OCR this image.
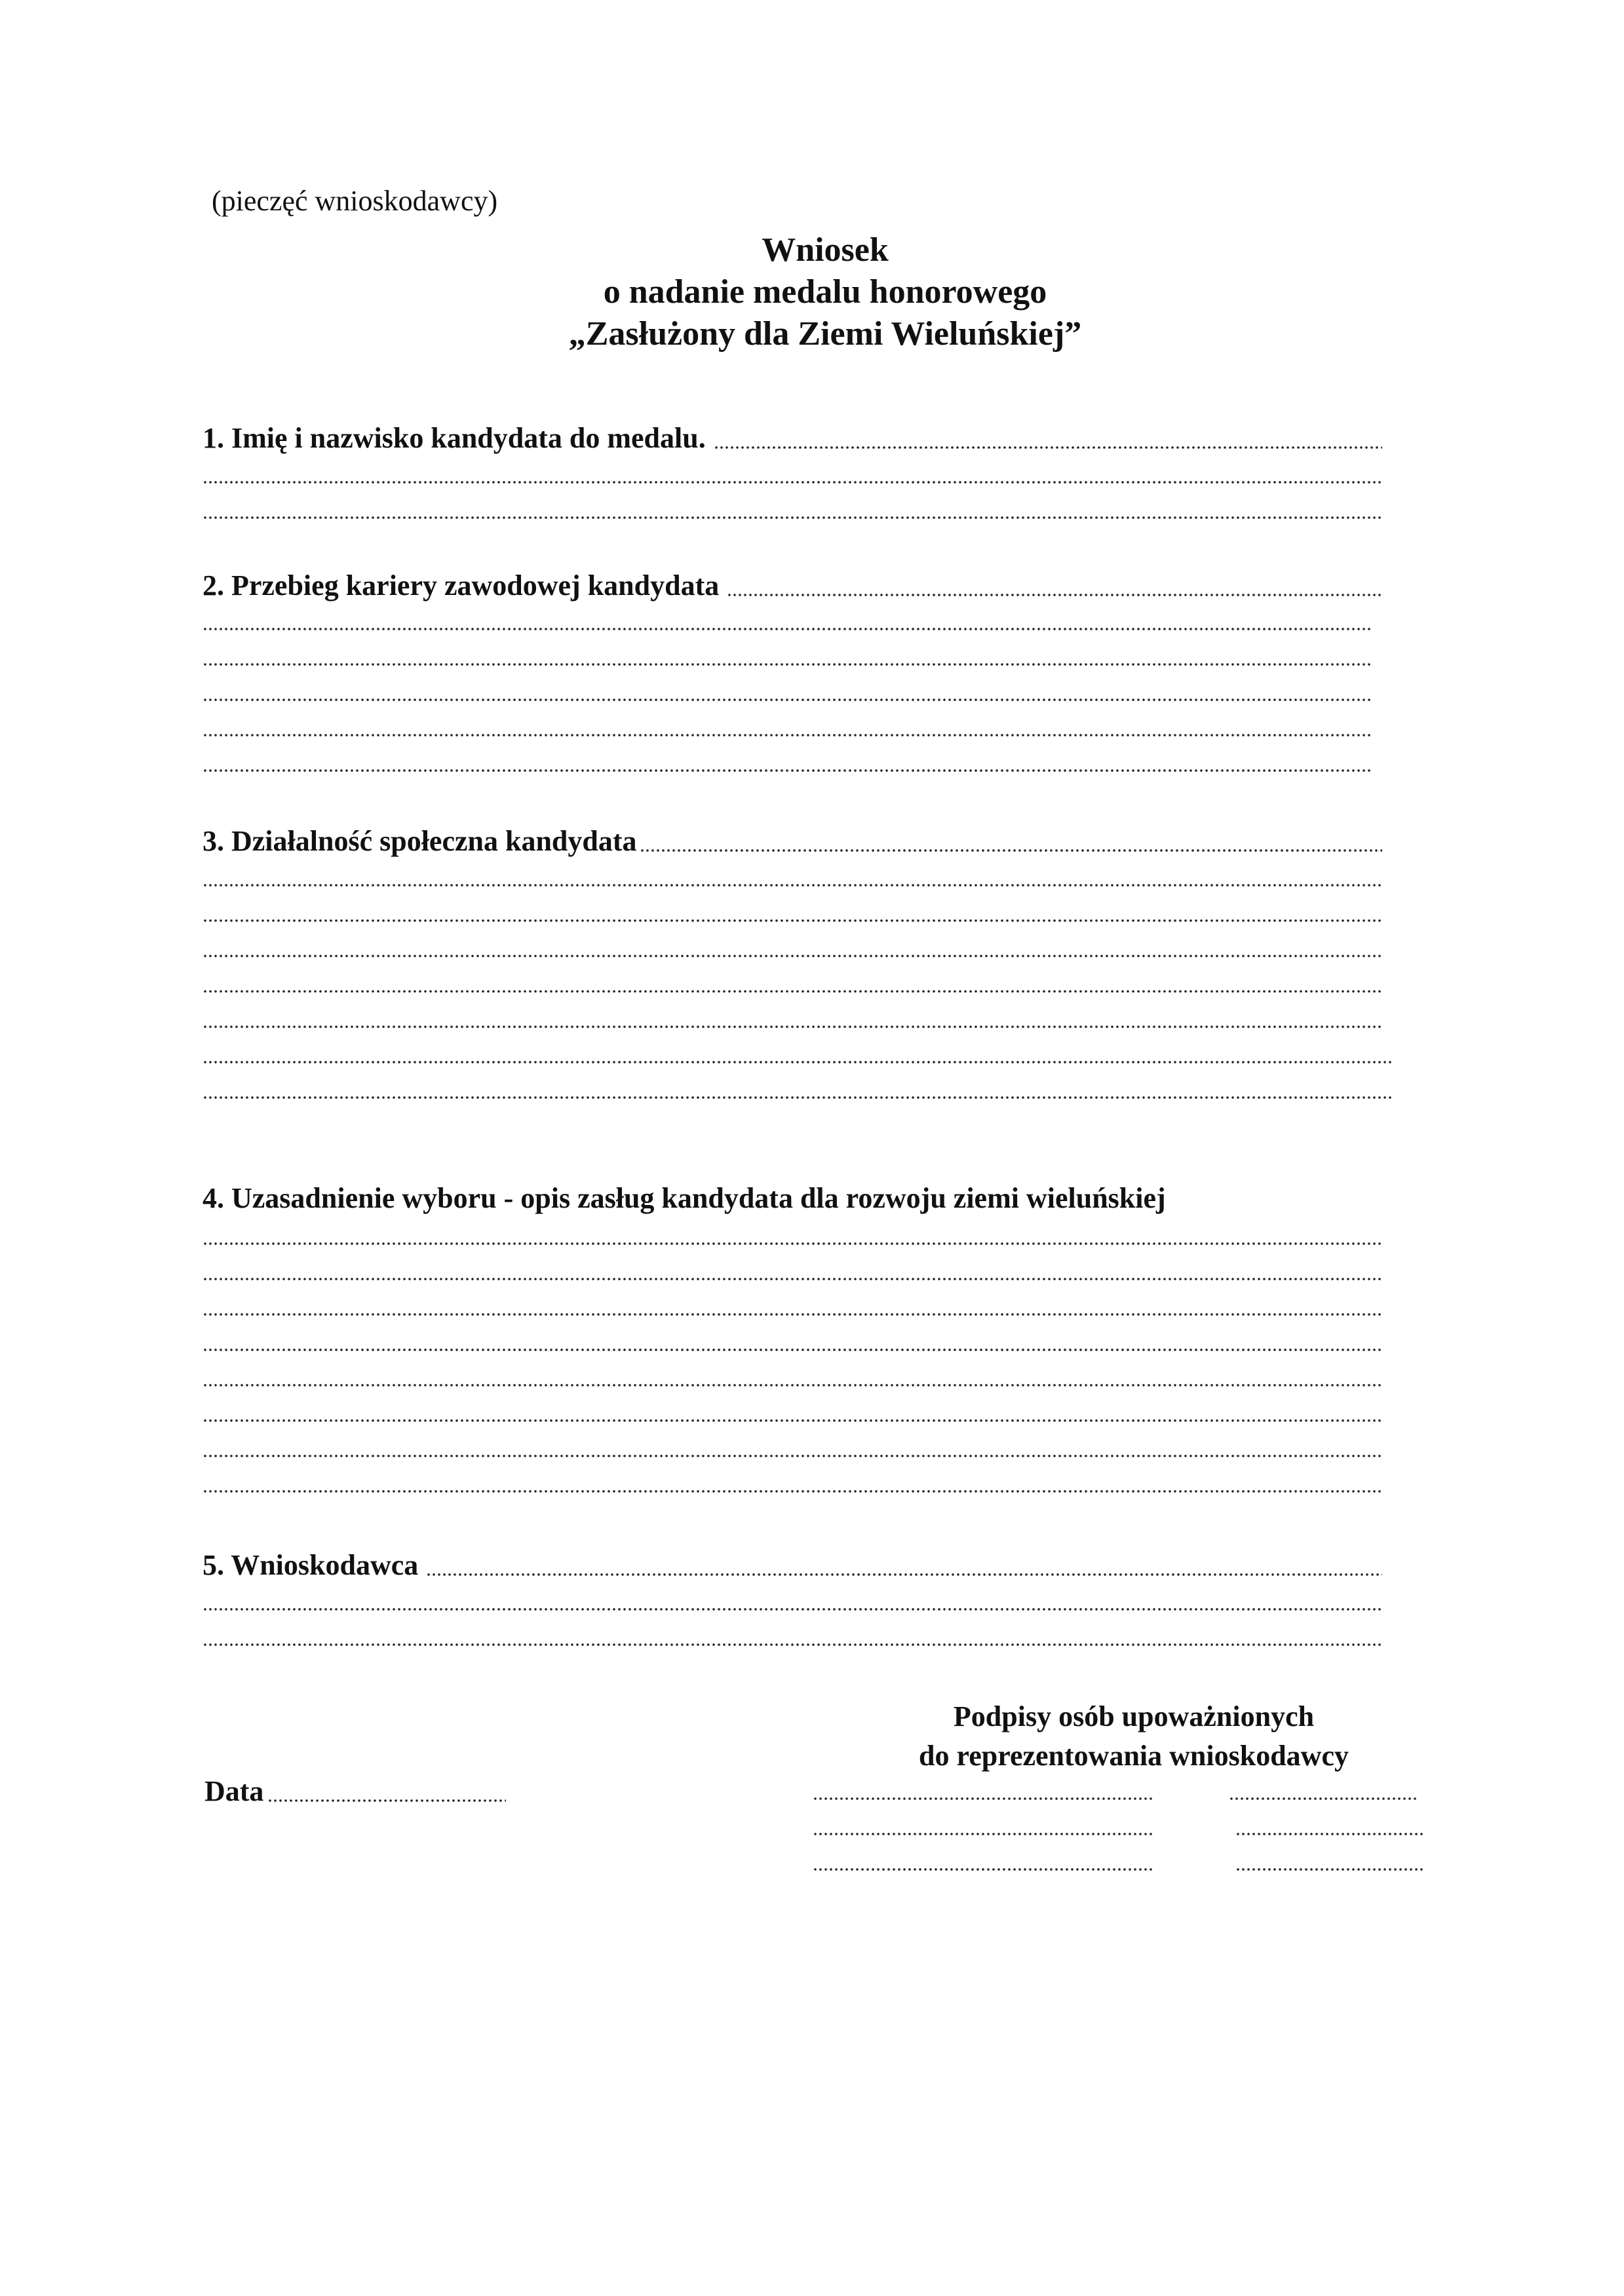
(pieczęć wnioskodawcy)
Wniosek
o nadanie medalu honorowego
„Zasłużony dla Ziemi Wieluńskiej”
1. Imię i nazwisko kandydata do medalu.
2. Przebieg kariery zawodowej kandydata
3. Działalność społeczna kandydata
4. Uzasadnienie wyboru - opis zasług kandydata dla rozwoju ziemi wieluńskiej
5. Wnioskodawca
Podpisy osób upoważnionych
do reprezentowania wnioskodawcy
Data
